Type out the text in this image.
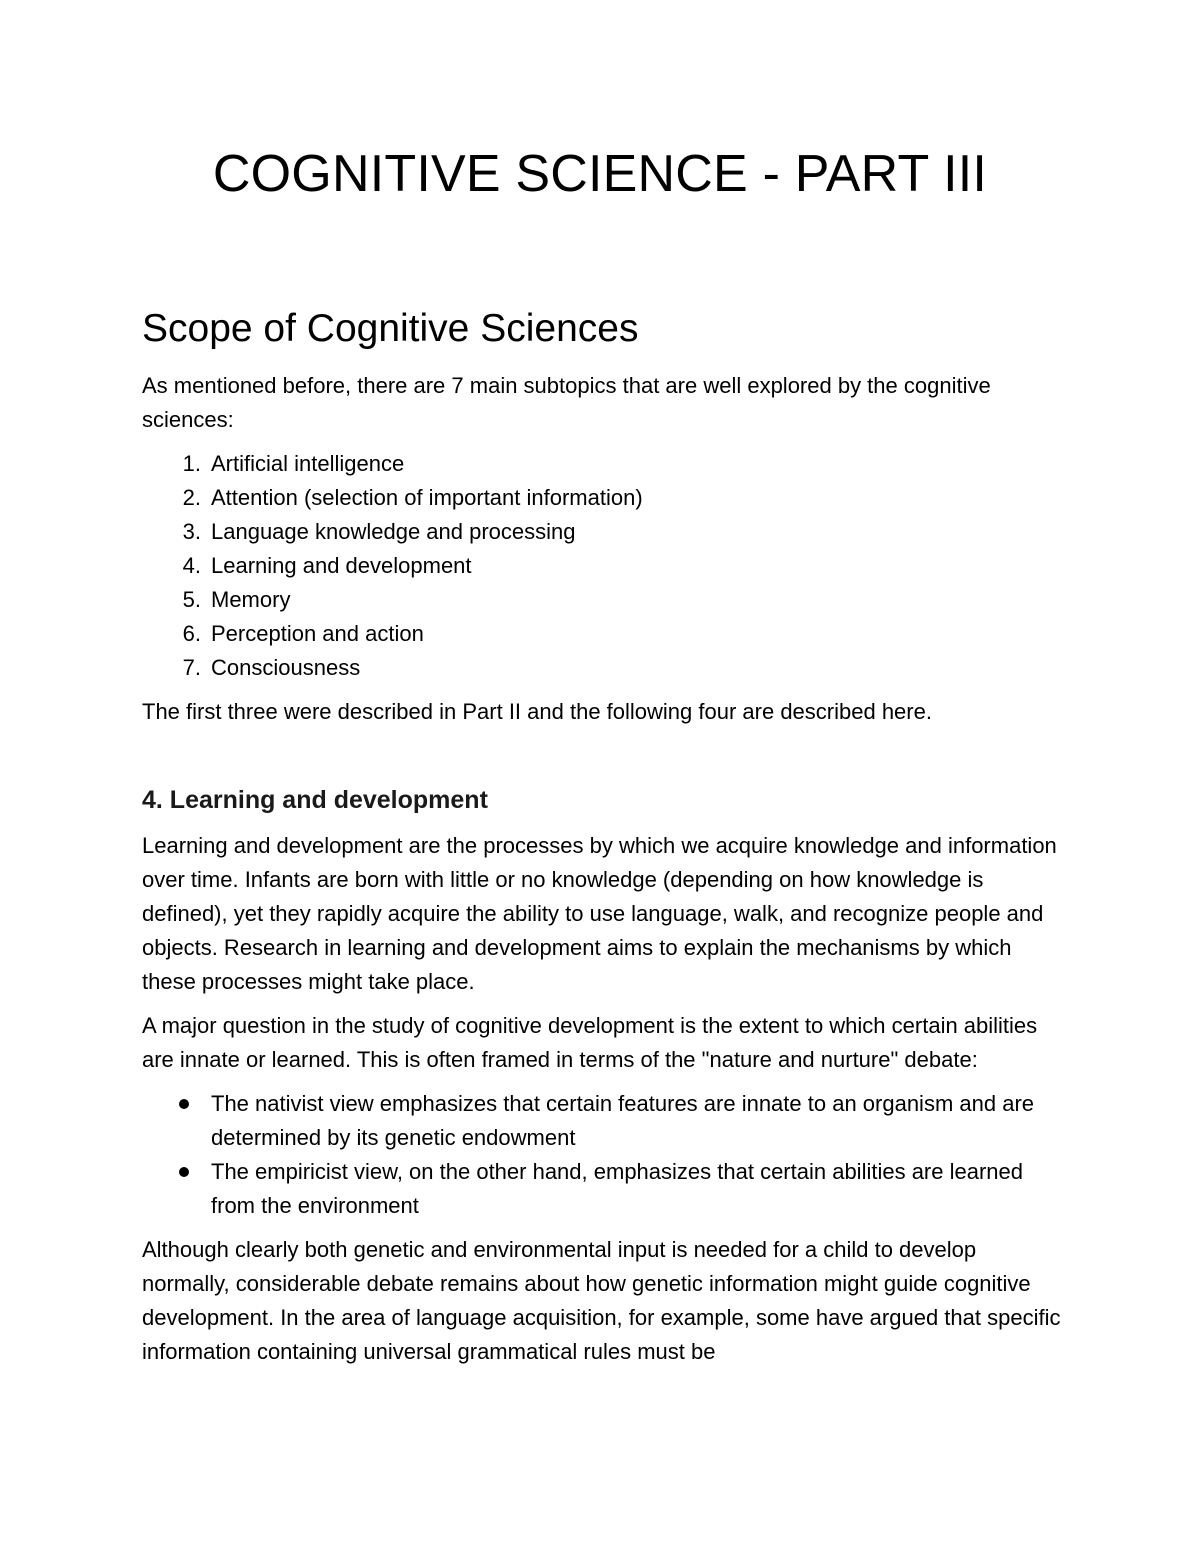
COGNITIVE SCIENCE - PART III
Scope of Cognitive Sciences

As mentioned before, there are 7 main subtopics that are well explored by the cognitive sciences:

1. Artificial intelligence
2. Attention (selection of important information)
3. Language knowledge and processing
4. Learning and development
5. Memory
6. Perception and action
7. Consciousness

The first three were described in Part II and the following four are described here.

4. Learning and development

Learning and development are the processes by which we acquire knowledge and information over time. Infants are born with little or no knowledge (depending on how knowledge is defined), yet they rapidly acquire the ability to use language, walk, and recognize people and objects. Research in learning and development aims to explain the mechanisms by which these processes might take place.

A major question in the study of cognitive development is the extent to which certain abilities are innate or learned. This is often framed in terms of the "nature and nurture" debate:

The nativist view emphasizes that certain features are innate to an organism and are determined by its genetic endowment
The empiricist view, on the other hand, emphasizes that certain abilities are learned from the environment

Although clearly both genetic and environmental input is needed for a child to develop normally, considerable debate remains about how genetic information might guide cognitive development. In the area of language acquisition, for example, some have argued that specific information containing universal grammatical rules must be
